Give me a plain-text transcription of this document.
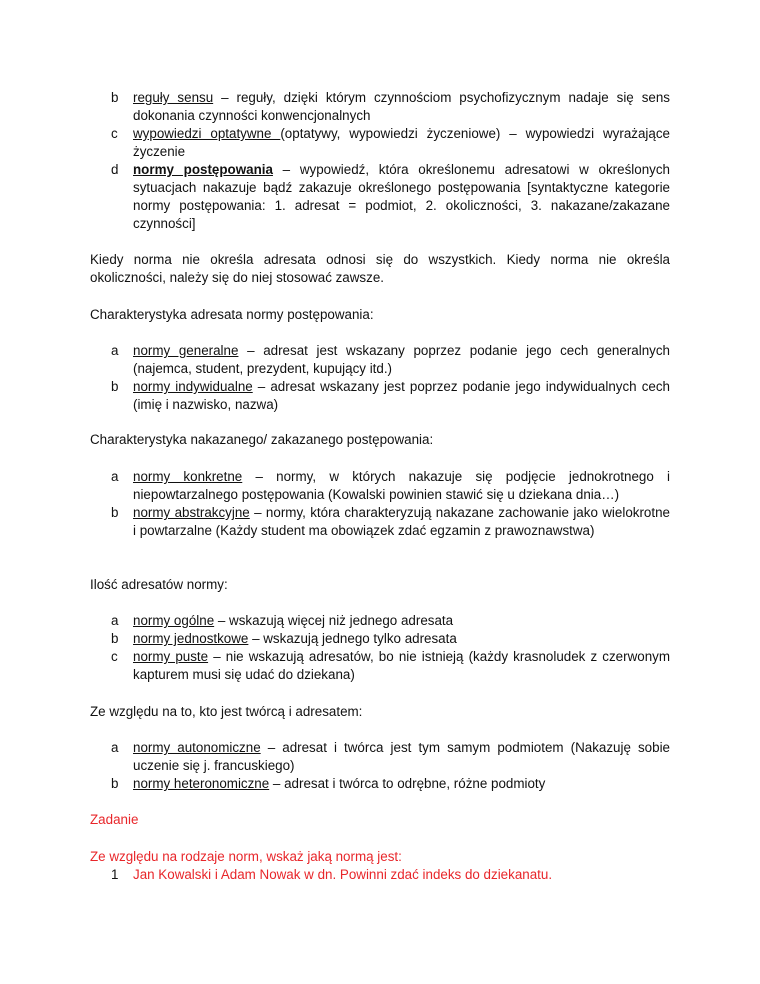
b	reguły sensu – reguły, dzięki którym czynnościom psychofizycznym nadaje się sens dokonania czynności konwencjonalnych
c	wypowiedzi optatywne (optatywy, wypowiedzi życzeniowe) – wypowiedzi wyrażające życzenie
d	normy postępowania – wypowiedź, która określonemu adresatowi w określonych sytuacjach nakazuje bądź zakazuje określonego postępowania [syntaktyczne kategorie normy postępowania: 1. adresat = podmiot, 2. okoliczności, 3. nakazane/zakazane czynności]

Kiedy norma nie określa adresata odnosi się do wszystkich. Kiedy norma nie określa okoliczności, należy się do niej stosować zawsze.

Charakterystyka adresata normy postępowania:

a	normy generalne – adresat jest wskazany poprzez podanie jego cech generalnych (najemca, student, prezydent, kupujący itd.)
b	normy indywidualne – adresat wskazany jest poprzez podanie jego indywidualnych cech (imię i nazwisko, nazwa)

Charakterystyka nakazanego/ zakazanego postępowania:

a	normy konkretne – normy, w których nakazuje się podjęcie jednokrotnego i niepowtarzalnego postępowania (Kowalski powinien stawić się u dziekana dnia…)
b	normy abstrakcyjne – normy, która charakteryzują nakazane zachowanie jako wielokrotne i powtarzalne (Każdy student ma obowiązek zdać egzamin z prawoznawstwa)

Ilość adresatów normy:

a	normy ogólne – wskazują więcej niż jednego adresata
b	normy jednostkowe – wskazują jednego tylko adresata
c	normy puste – nie wskazują adresatów, bo nie istnieją (każdy krasnoludek z czerwonym kapturem musi się udać do dziekana)

Ze względu na to, kto jest twórcą i adresatem:

a	normy autonomiczne – adresat i twórca jest tym samym podmiotem (Nakazuję sobie uczenie się j. francuskiego)
b	normy heteronomiczne – adresat i twórca to odrębne, różne podmioty

Zadanie

Ze względu na rodzaje norm, wskaż jaką normą jest:

1	Jan Kowalski i Adam Nowak w dn. Powinni zdać indeks do dziekanatu.
